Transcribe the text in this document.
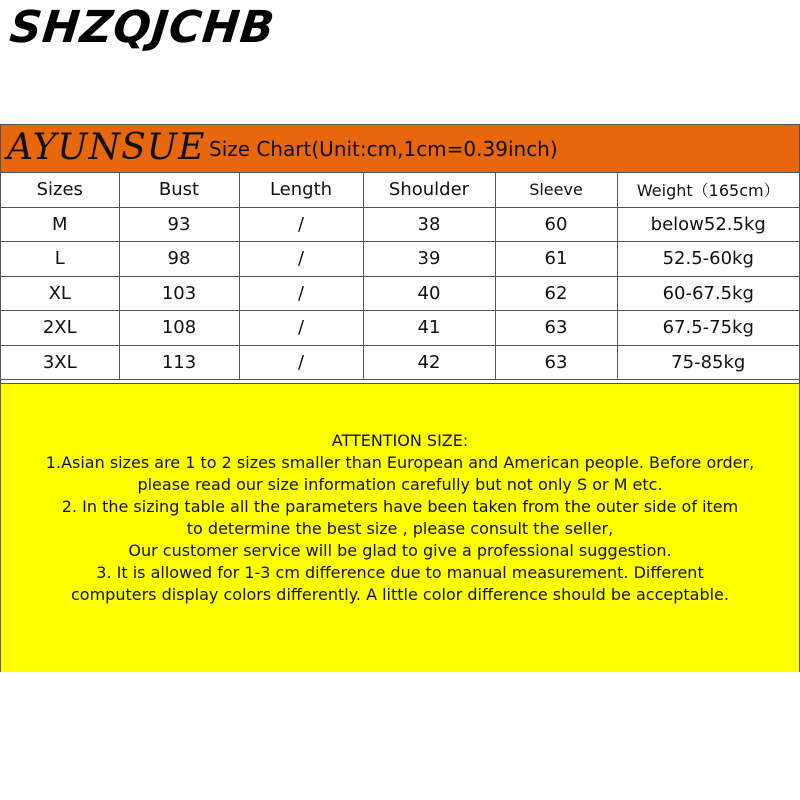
SHZQJCHB
AYUNSUE Size Chart(Unit:cm,1cm=0.39inch)
Sizes	Bust	Length	Shoulder	Sleeve	Weight（165cm）
M	93	/	38	60	below52.5kg
L	98	/	39	61	52.5-60kg
XL	103	/	40	62	60-67.5kg
2XL	108	/	41	63	67.5-75kg
3XL	113	/	42	63	75-85kg
ATTENTION SIZE:
1.Asian sizes are 1 to 2 sizes smaller than European and American people. Before order,
please read our size information carefully but not only S or M etc.
2. In the sizing table all the parameters have been taken from the outer side of item
to determine the best size , please consult the seller,
Our customer service will be glad to give a professional suggestion.
3. It is allowed for 1-3 cm difference due to manual measurement. Different
computers display colors differently. A little color difference should be acceptable.
